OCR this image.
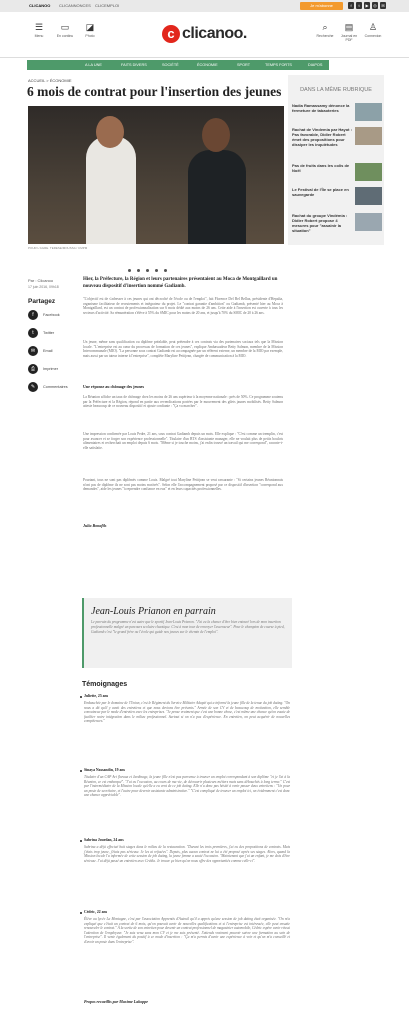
CLICANOO CLICANNONCES CLICEMPLOI	Je m'abonne	f	t	▶	◎	✉
☰
Menu
▭
En continu
◪
Photo	c clicanoo.	⌕
Recherche
▤
Journal en PDF
♙
Connexion
A LA UNE	FAITS DIVERS	SOCIÉTÉ	ÉCONOMIE	SPORT	TEMPS FORTS	DIAPOS
DANS LA MÊME RUBRIQUE
Nadia Ramassamy dénonce la fermeture de tabaoteries
Rachat de Vindemia par Hayot : Pas favorable, Didier Robert émet des propositions pour dissiper les inquiétudes
Pas de fruits dans les colis de Noël
Le Festival de l'Île se place en sauvegarde
Rachat du groupe Vindémia : Didier Robert propose 4 mesures pour "assainir la situation"
ACCUEIL > ÉCONOMIE
6 mois de contrat pour l'insertion des jeunes
POUR L'AGRE. TERESE/MOUSSA / CMPM
Par : Clicanoo
17 juin 2016, 09h18
Partagez
f	Facebook
t	Twitter
✉	Email
⎙	Imprimer
✎	Commentaires

Hier, la Préfecture, la Région et leurs partenaires présentaient au Moca de Montgaillard un nouveau dispositif d'insertion nommé Gadiamb.

"L'objectif est de s'adresser à ces jeunes qui ont décroché de l'école ou de l'emploi", fait Florence Del Bel Belluz, présidente d'Hepalia, organisme facilitateur de recrutements et intégrateur du projet. Le "contrat garantie d'ambition" ou Gadiamb, présenté hier au Moca à Montgaillard, est un contrat de professionnalisation sur 6 mois dédié aux moins de 26 ans. Cette aide à l'insertion est ouverte à tous les secteurs d'activité. Sa rémunération s'élève à 55% du SMIC pour les moins de 20 ans, et jusqu'à 70% du SMIC de 20 à 26 ans.

Un jeune, même sans qualification ou diplôme préalable, peut prétendre à ces contrats via des partenaires sociaux tels que la Mission locale. "L'entreprise est au cœur du processus de formation de ces jeunes", explique Ambassadeur Betty Salmon, membre de la Mission Intercommunale (MIO). "La personne sous contrat Gadiamb est accompagnée par un référent externe, un membre de la MIO par exemple, mais aussi par un tuteur interne à l'entreprise", complète Maryline Petitjean, chargée de communication à la MIO.

Une réponse au chômage des jeunes

La Réunion affiche un taux de chômage chez les moins de 26 ans supérieur à la moyenne nationale : près de 50%. Ce programme soutenu par la Préfecture et la Région, répond en partie aux revendications portées par le mouvement des gilets jaunes mobilisés. Betty Salmon atteste beaucoup de ce nouveau dispositif et ajoute confiante : "Ça va marcher".

Une impression confirmée par Louis Pedre, 21 ans, sous contrat Gadiamb depuis un mois. Elle explique : "C'est comme un tremplin, c'est pour avancer et se forger son expérience professionnelle". Titulaire d'un BTS d'assistante manager, elle ne voulait plus de petits boulots alimentaires et recherchait un emploi depuis 6 mois. "Même si je touche moins, j'ai enfin trouvé un travail qui me correspond", raconte-t-elle satisfaite.

Pourtant, tous ne sont pas diplômés comme Louis. Malgré tout Maryline Petitjean se veut rassurante : "Si certains jeunes Réunionnais n'ont pas de diplôme ils ne sont pas moins motivés". Selon elle l'accompagnement proposé par ce dispositif d'insertion "correspond aux demandes", aide les jeunes "à reprendre confiance en eux" et en leurs capacités professionnelles.

Julia Bonafils

Jean-Louis Prianon en parrain
Le parrain du programme n'est autre que le sportif Jean-Louis Prianon. "J'ai eu la chance d'être bien entouré lors de mon insertion professionnelle malgré un parcours scolaire chaotique. C'est à mon tour de renvoyer l'ascenseur". Pour le champion de course à pied, Gadiamb c'est "le grand frère ou l'école qui guide nos jeunes sur le chemin de l'emploi".
Témoignages
Juliette, 25 ans
Embauchée par le domaine de l'Union, c'est le Régiment du Service Militaire Adapté qui a informé la jeune fille de la tenue du job dating. "On nous a dit qu'il y avait des entretiens et que nous devions être présents." Armée de son CV et de beaucoup de motivation, elle semble convaincue par le mode d'entretien avec les entreprises. "Je pense vraiment que c'est une bonne chose, c'est même une chance qu'on essaie de faciliter notre intégration dans le milieu professionnel. Surtout si on n'a pas d'expérience. En entretien, on peut acquérir de nouvelles compétences."
Sinaya Nassandin, 19 ans
Titulaire d'un CAP Art floraux et Jardinage, la jeune fille n'est pas parvenue à trouver un emploi correspondant à son diplôme "et je l'ai à la Réunion, ce est embarqué". "J'ai eu l'occasion, au cours de ma vie, de découvrir plusieurs métiers mais sans débouchés à long terme." C'est par l'intermédiaire de la Mission locale qu'elle a eu vent de ce job dating. Elle n'a donc pas hésité à venir passer deux entretiens : "Un pour un poste de secrétaire, et l'autre pour devenir assistante administrative." "C'est compliqué de trouver un emploi ici, on évidemment c'est donc une chance appréciable".
Sabrina Jourdan, 24 ans
Sabrina a déjà effectué huit stages dans le milieu de la restauration. "Durant les trois premières, j'ai eu des propositions de contrats. Mais j'étais trop jeune, j'étais pas sérieuse. Je les ai refusées". Depuis, plus aucun contrat ne lui a été proposé après ses stages. Alors, quand la Mission locale l'a informée de cette session de job dating, la jeune femme a sauté l'occasion. "Maintenant que j'ai un enfant, je me dois d'être sérieuse. J'ai déjà passé un entretien avec Crédia. Je trouve ça bien qu'on nous offre des opportunités comme celle-ci".
Cédric, 22 ans
Élève au lycée La Montagne, c'est par l'association Apprentis d'Auteuil qu'il a appris qu'une session de job dating était organisée. "On m'a expliqué que c'était un contrat de 6 mois, qu'on pouvait avoir de nouvelles qualifications et si l'entreprise est intéressée, elle peut ensuite renouveler le contrat." À la sortie de son entretien pour devenir un contrat professionnel de magasinier automobile, Cédric espère avoir réussi l'attention de l'employeur. "Je suis venu sans mon CV et je me suis présenté. J'attends vraiment pouvoir suivre une formation au sein de l'entreprise". Il vente également du positif à ce mode d'insertion : "Ça m'a permis d'avoir une expérience à voir et qu'on m'a conseillé et d'avoir un poste dans l'entreprise".

Propos recueillis par Maxime Lakoppe
